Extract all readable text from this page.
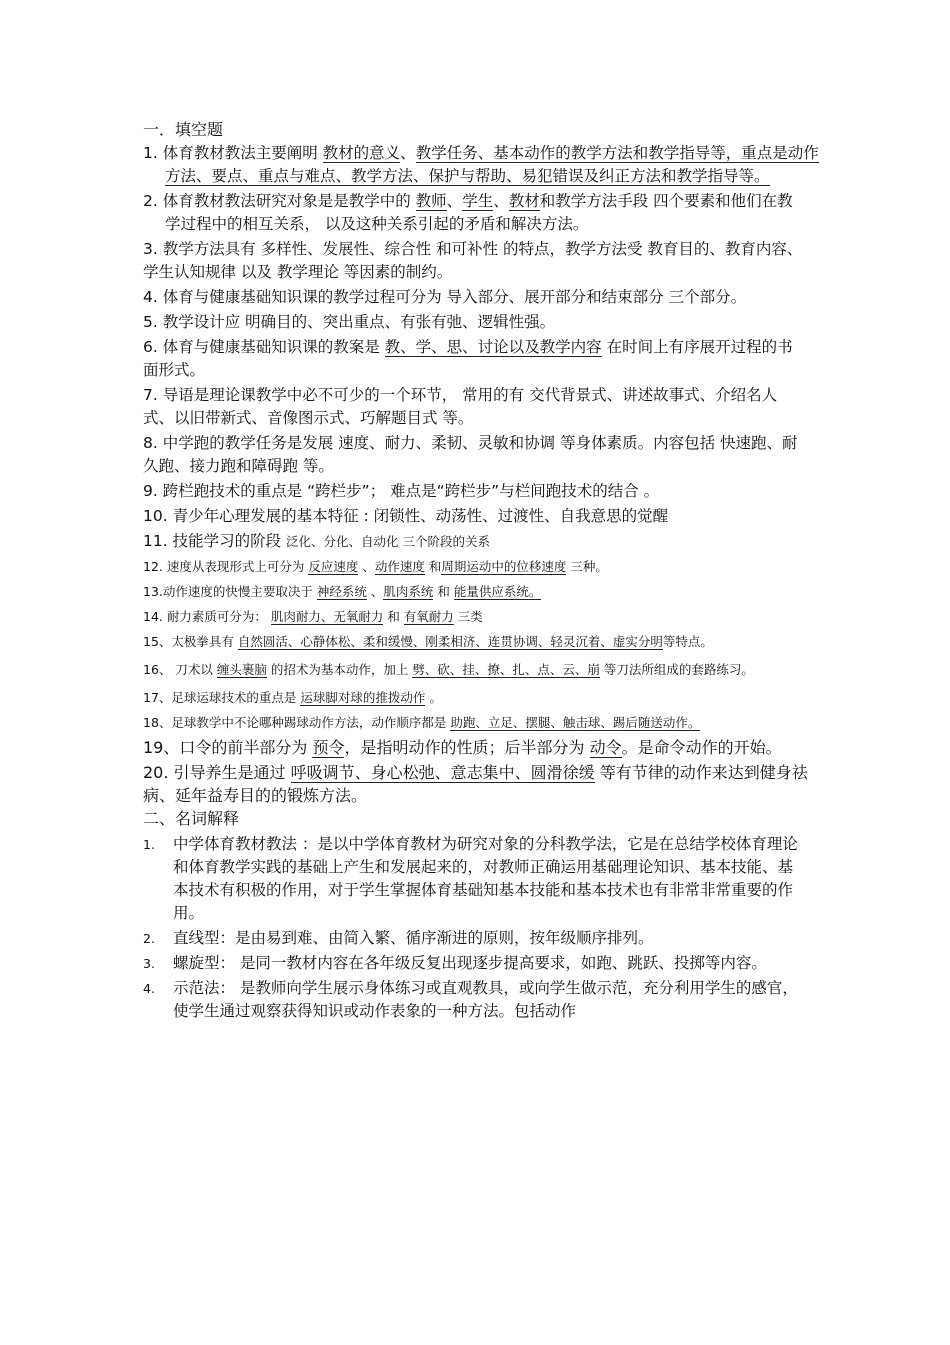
一．填空题

1. 体育教材教法主要阐明 教材的意义、教学任务、基本动作的教学方法和教学指导等，重点是动作方法、要点、重点与难点、教学方法、保护与帮助、易犯错误及纠正方法和教学指导等。

2. 体育教材教法研究对象是是教学中的 教师、学生、教材和教学方法手段 四个要素和他们在教学过程中的相互关系， 以及这种关系引起的矛盾和解决方法。

3. 教学方法具有 多样性、发展性、综合性 和可补性 的特点，教学方法受 教育目的、教育内容、学生认知规律 以及 教学理论 等因素的制约。

4. 体育与健康基础知识课的教学过程可分为 导入部分、展开部分和结束部分 三个部分。

5. 教学设计应 明确目的、突出重点、有张有弛、逻辑性强。

6. 体育与健康基础知识课的教案是 教、学、思、讨论以及教学内容 在时间上有序展开过程的书面形式。

7. 导语是理论课教学中必不可少的一个环节， 常用的有 交代背景式、讲述故事式、介绍名人式、以旧带新式、音像图示式、巧解题目式 等。

8. 中学跑的教学任务是发展 速度、耐力、柔韧、灵敏和协调 等身体素质。内容包括 快速跑、耐久跑、接力跑和障碍跑 等。

9. 跨栏跑技术的重点是 “跨栏步”； 难点是“跨栏步”与栏间跑技术的结合 。

10. 青少年心理发展的基本特征 : 闭锁性、动荡性、过渡性、自我意思的觉醒

11. 技能学习的阶段 泛化、分化、自动化 三个阶段的关系

12. 速度从表现形式上可分为 反应速度 、动作速度 和周期运动中的位移速度 三种。

13.动作速度的快慢主要取决于 神经系统 、肌肉系统 和 能量供应系统。

14. 耐力素质可分为： 肌肉耐力、无氧耐力 和 有氧耐力 三类

15、太极拳具有 自然圆活、心静体松、柔和缓慢、刚柔相济、连贯协调、轻灵沉着、虚实分明等特点。

16、 刀术以 缠头裹脑 的招术为基本动作，加上 劈、砍、挂、撩、扎、点、云、崩 等刀法所组成的套路练习。

17、足球运球技术的重点是 运球脚对球的推拨动作 。

18、足球教学中不论哪种踢球动作方法，动作顺序都是 助跑、立足、摆腿、触击球、踢后随送动作。

19、口令的前半部分为 预令，是指明动作的性质；后半部分为 动令。是命令动作的开始。

20. 引导养生是通过 呼吸调节、身心松弛、意志集中、圆滑徐缓 等有节律的动作来达到健身祛病、延年益寿目的的锻炼方法。

二、名词解释

1. 中学体育教材教法 ：是以中学体育教材为研究对象的分科教学法，它是在总结学校体育理论和体育教学实践的基础上产生和发展起来的，对教师正确运用基础理论知识、基本技能、基本技术有积极的作用，对于学生掌握体育基础知基本技能和基本技术也有非常非常重要的作用。
2. 直线型：是由易到难、由简入繁、循序渐进的原则，按年级顺序排列。
3. 螺旋型： 是同一教材内容在各年级反复出现逐步提高要求，如跑、跳跃、投掷等内容。
4. 示范法： 是教师向学生展示身体练习或直观教具，或向学生做示范，充分利用学生的感官，使学生通过观察获得知识或动作表象的一种方法。包括动作
